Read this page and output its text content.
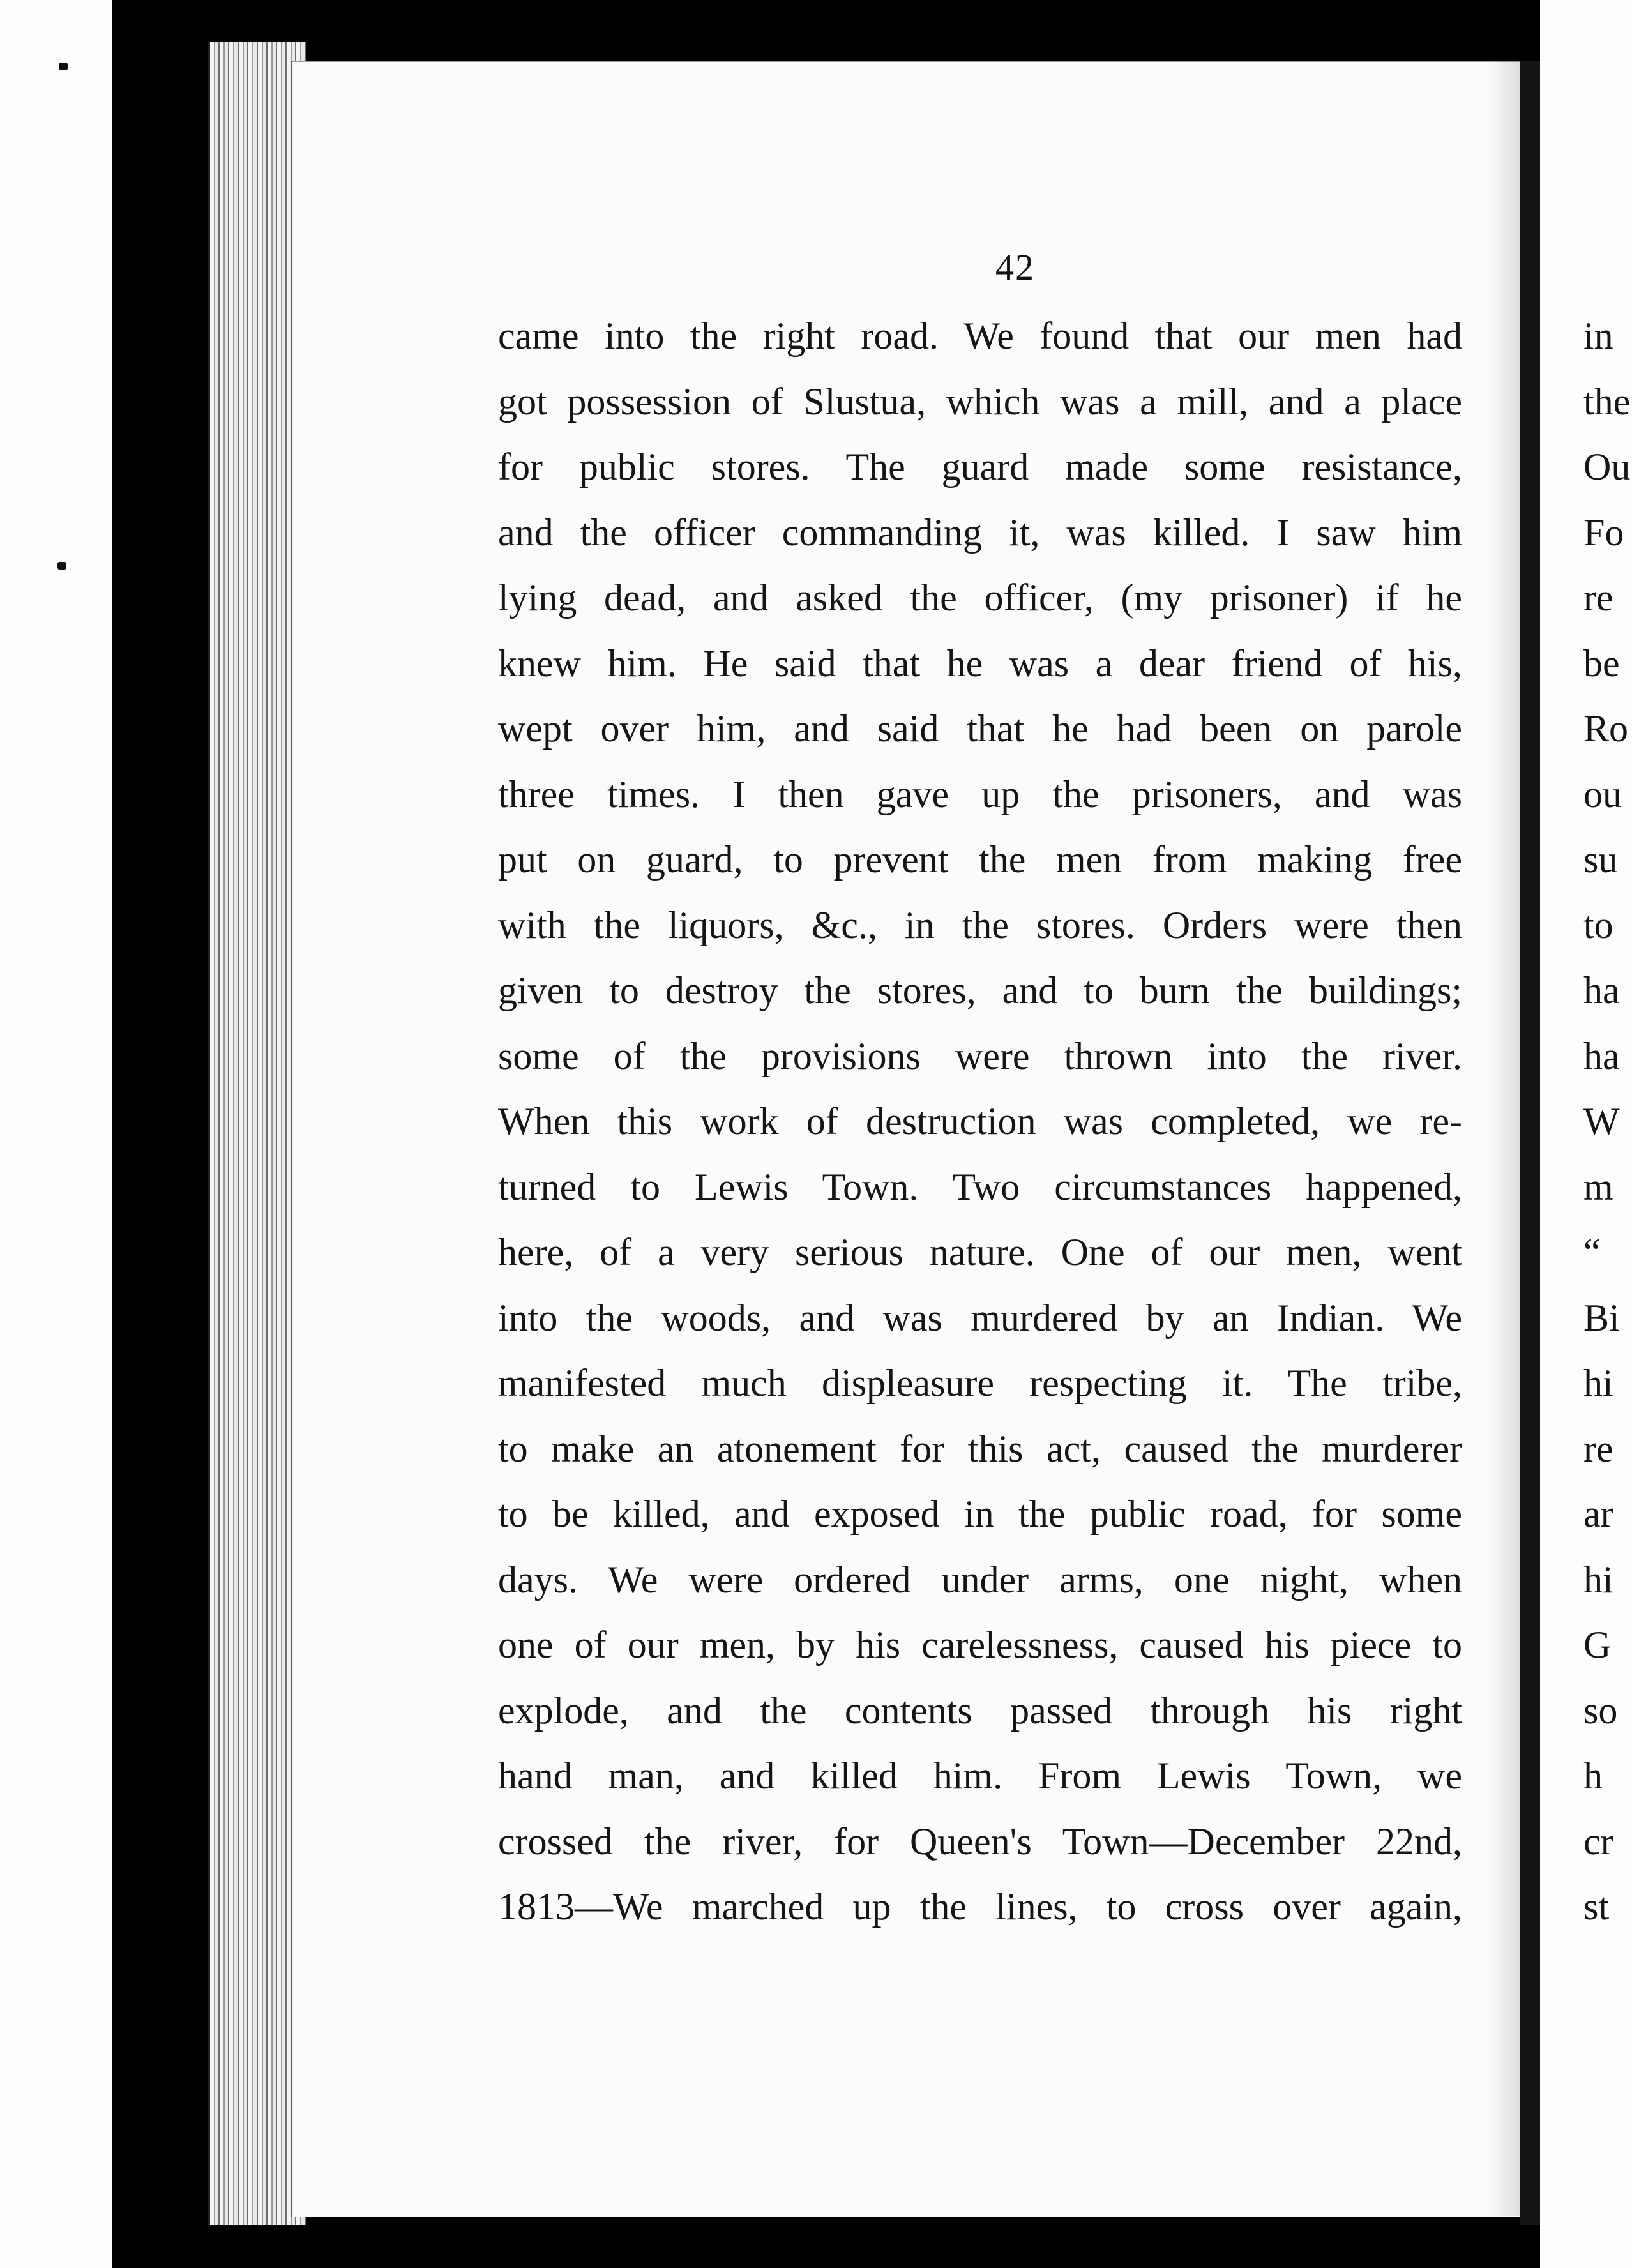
42
came into the right road. We found that our men had
got possession of Slustua, which was a mill, and a place
for public stores. The guard made some resistance,
and the officer commanding it, was killed. I saw him
lying dead, and asked the officer, (my prisoner) if he
knew him. He said that he was a dear friend of his,
wept over him, and said that he had been on parole
three times. I then gave up the prisoners, and was
put on guard, to prevent the men from making free
with the liquors, &c., in the stores. Orders were then
given to destroy the stores, and to burn the buildings;
some of the provisions were thrown into the river.
When this work of destruction was completed, we re-
turned to Lewis Town. Two circumstances happened,
here, of a very serious nature. One of our men, went
into the woods, and was murdered by an Indian. We
manifested much displeasure respecting it. The tribe,
to make an atonement for this act, caused the murderer
to be killed, and exposed in the public road, for some
days. We were ordered under arms, one night, when
one of our men, by his carelessness, caused his piece to
explode, and the contents passed through his right
hand man, and killed him. From Lewis Town, we
crossed the river, for Queen's Town—December 22nd,
1813—We marched up the lines, to cross over again,
in
the
Ou
Fo
re
be
Ro
ou
su
to
ha
ha
W
m
“
Bi
hi
re
ar
hi
G
so
h
cr
st
